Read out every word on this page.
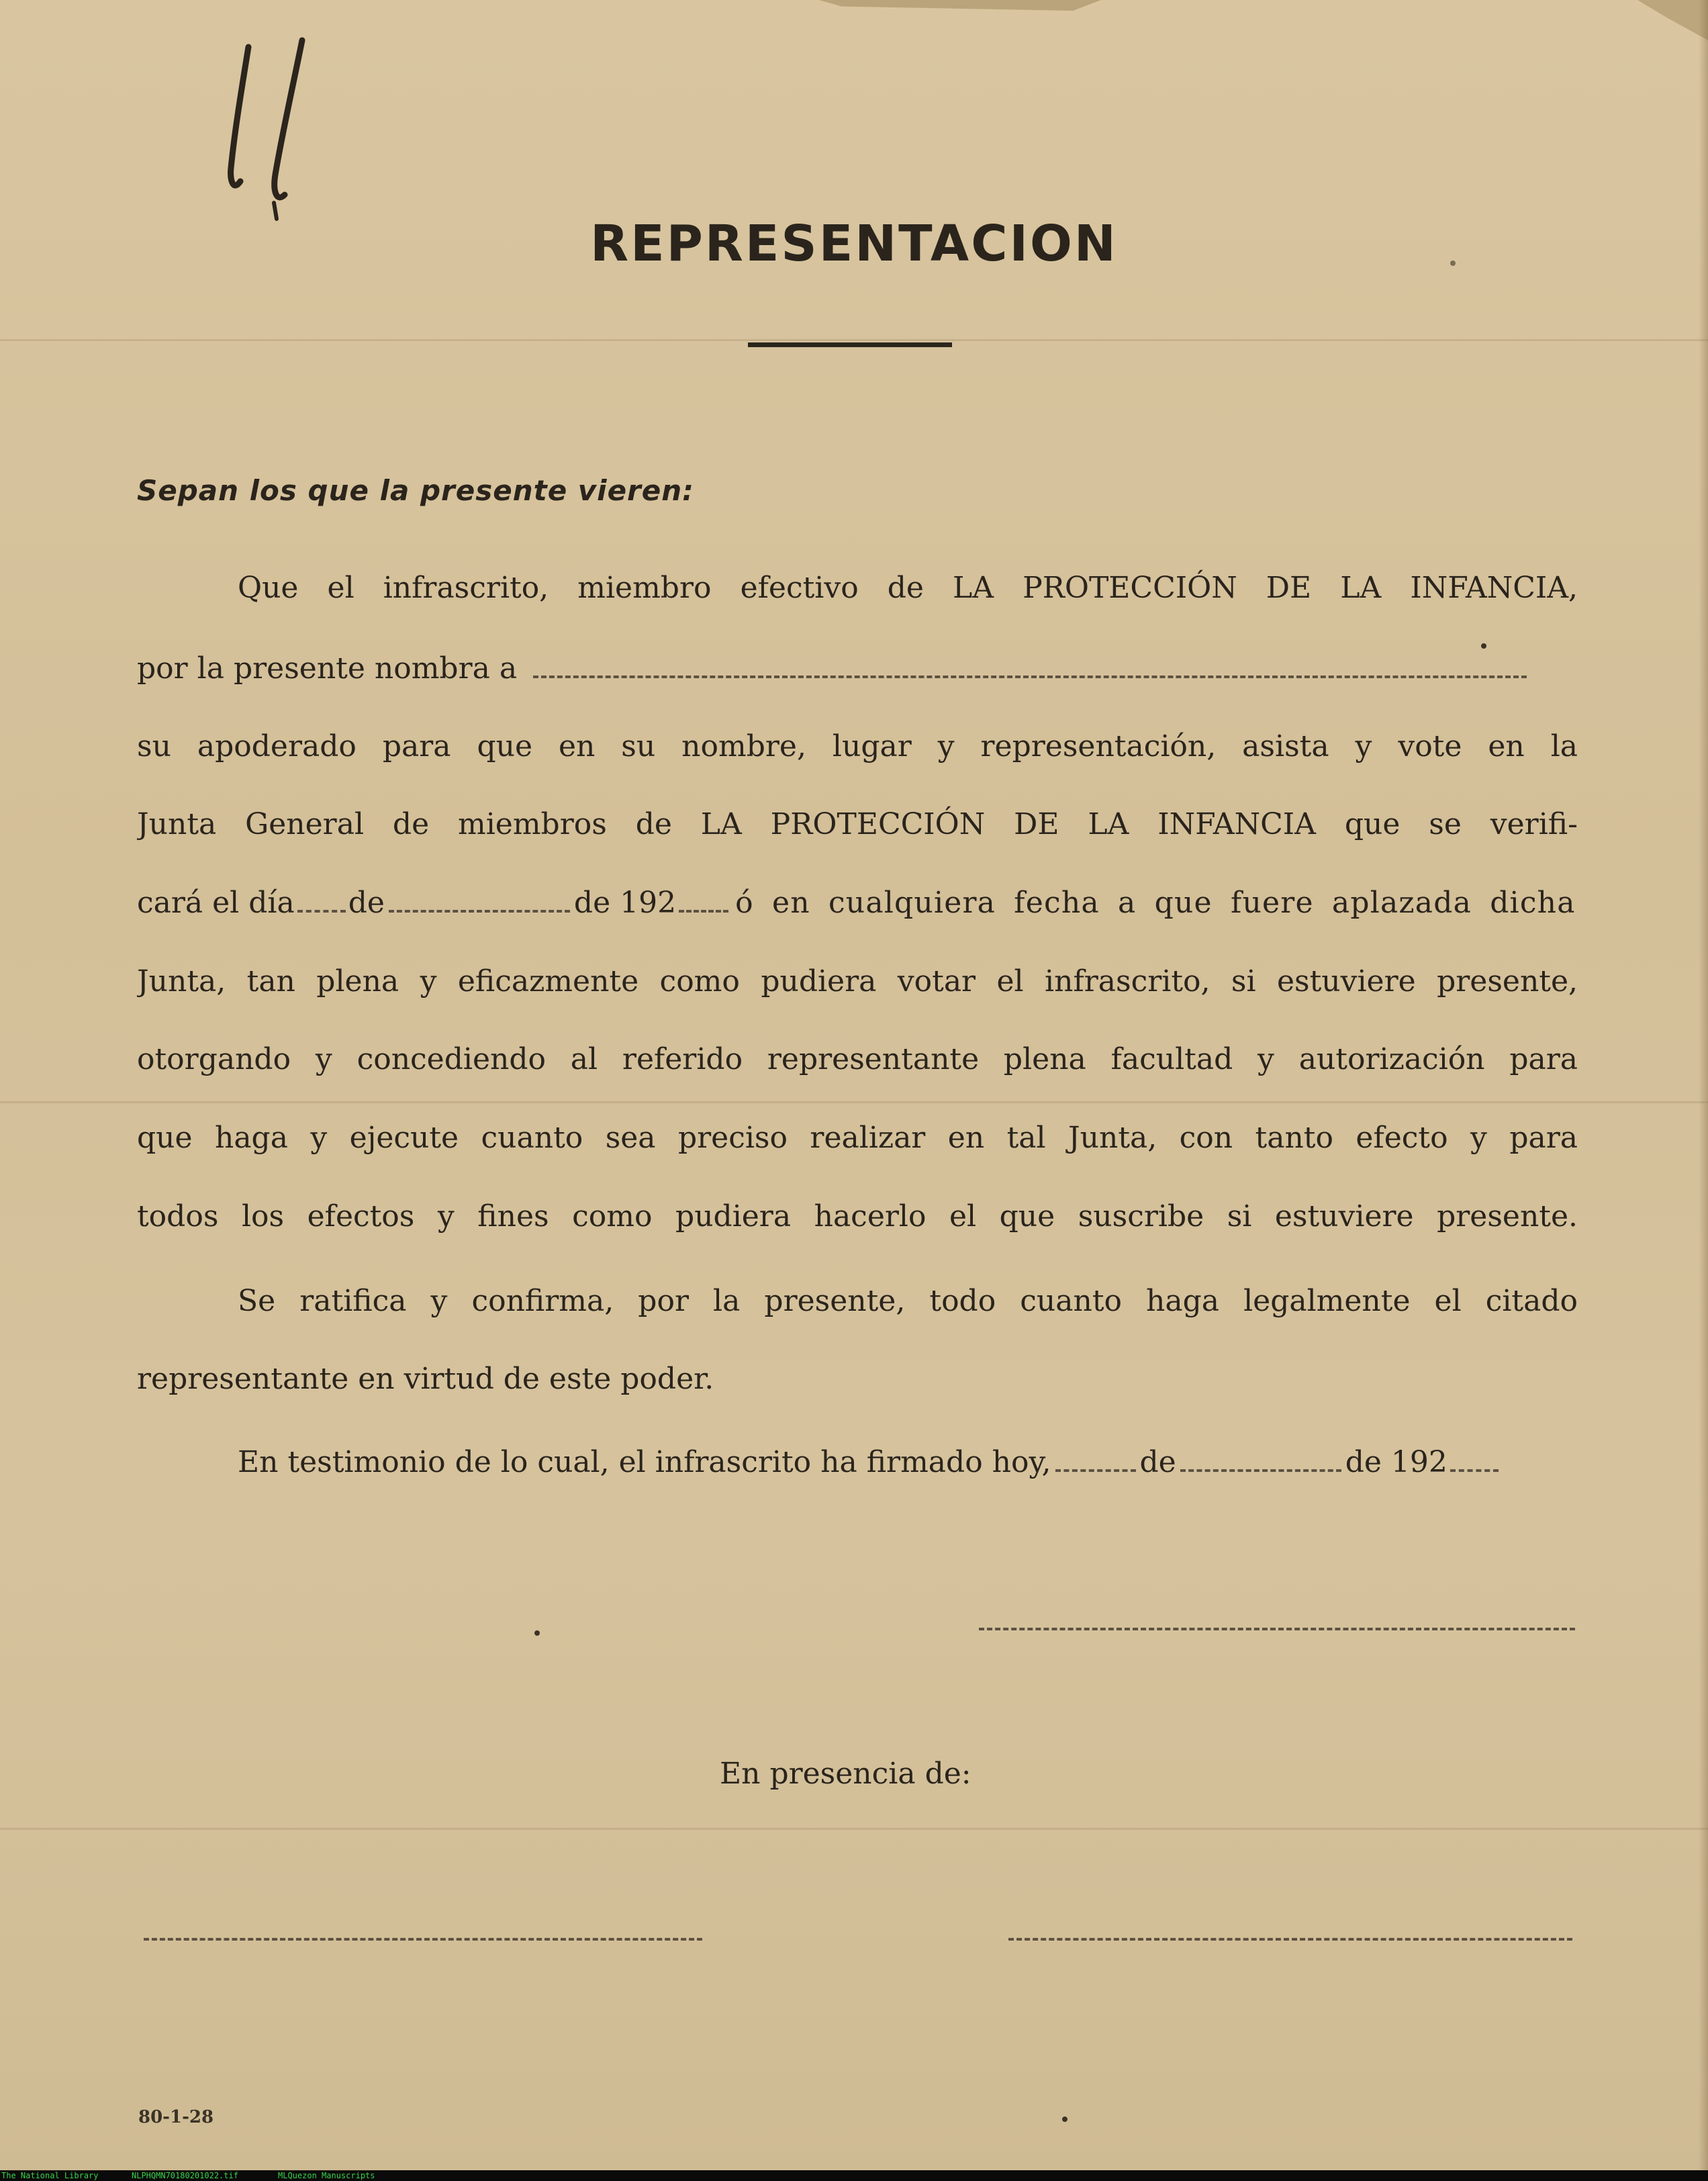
REPRESENTACION
Sepan los que la presente vieren:
Que el infrascrito, miembro efectivo de LA PROTECCIÓN DE LA INFANCIA,
por la presente nombra a
su apoderado para que en su nombre, lugar y representación, asista y vote en la
Junta General de miembros de LA PROTECCIÓN DE LA INFANCIA que se verifi-
cará el día de	de 192 ó en cualquiera fecha a que fuere aplazada dicha
Junta, tan plena y eficazmente como pudiera votar el infrascrito, si estuviere presente,
otorgando y concediendo al referido representante plena facultad y autorización para
que haga y ejecute cuanto sea preciso realizar en tal Junta, con tanto efecto y para
todos los efectos y fines como pudiera hacerlo el que suscribe si estuviere presente.
Se ratifica y confirma, por la presente, todo cuanto haga legalmente el citado
representante en virtud de este poder.
En testimonio de lo cual, el infrascrito ha firmado hoy,	de	de 192
En presencia de:
80-1-28
The National Library	NLPHQMN70180201022.tif	MLQuezon Manuscripts
